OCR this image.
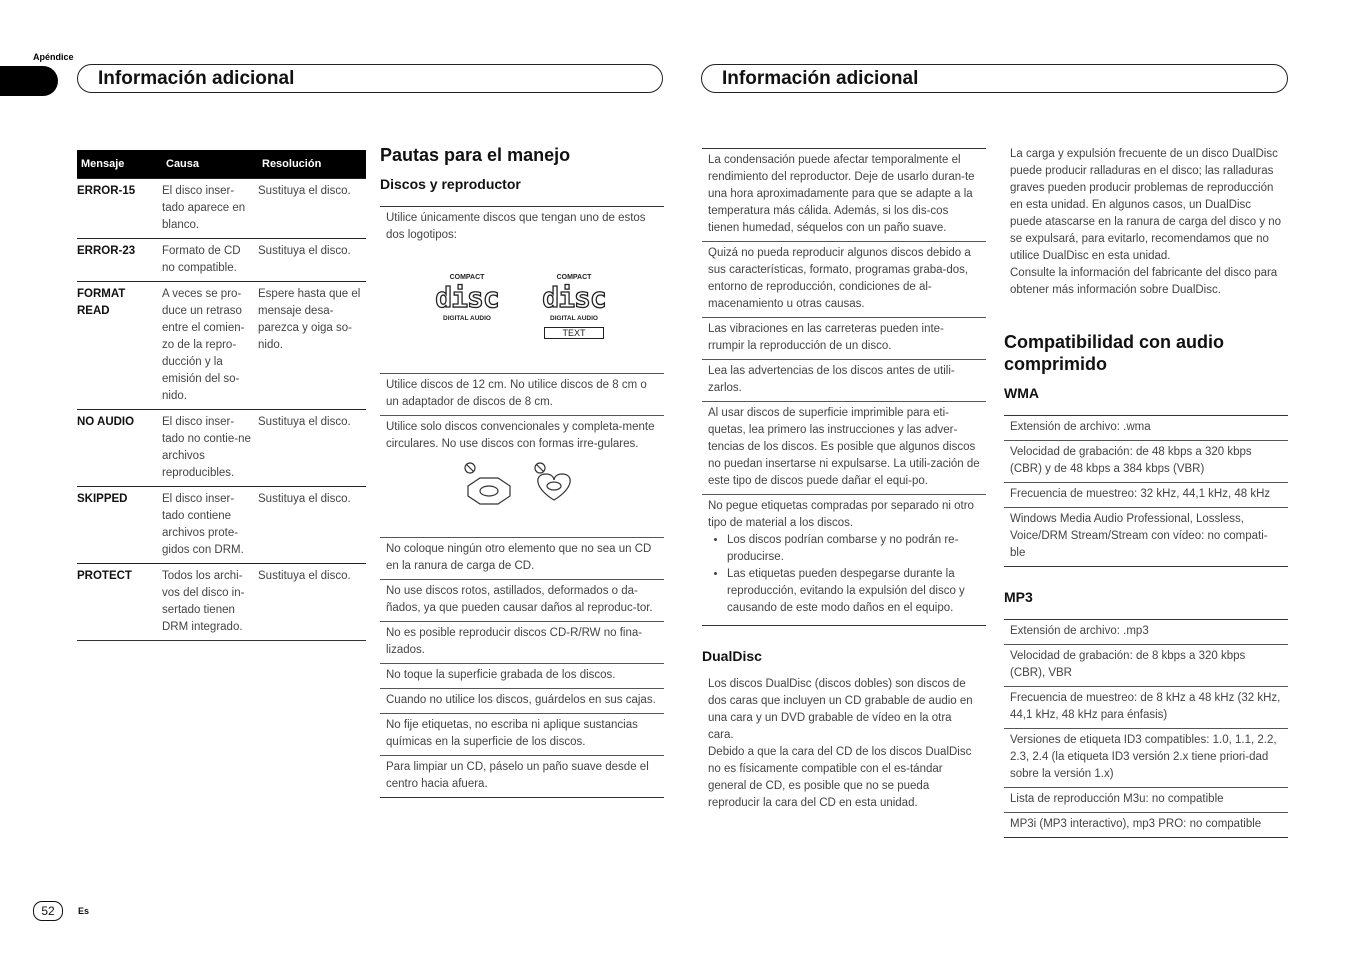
Apéndice
Información adicional	Información adicional
Mensaje	Causa	Resolución
ERROR-15	El disco inser-tado aparece en blanco.	Sustituya el disco.
ERROR-23	Formato de CD no compatible.	Sustituya el disco.
FORMAT READ	A veces se pro-duce un retraso entre el comien-zo de la repro-ducción y la emisión del so-nido.	Espere hasta que el mensaje desa-parezca y oiga so-nido.
NO AUDIO	El disco inser-tado no contie-ne archivos reproducibles.	Sustituya el disco.
SKIPPED	El disco inser-tado contiene archivos prote-gidos con DRM.	Sustituya el disco.
PROTECT	Todos los archi-vos del disco in-sertado tienen DRM integrado.	Sustituya el disco.
Pautas para el manejo
Discos y reproductor
Utilice únicamente discos que tengan uno de estos dos logotipos:
COMPACT
disc
DIGITAL AUDIO
COMPACT
disc
DIGITAL AUDIO
TEXT
Utilice discos de 12 cm. No utilice discos de 8 cm o un adaptador de discos de 8 cm.
Utilice solo discos convencionales y completa-mente circulares. No use discos con formas irre-gulares.
No coloque ningún otro elemento que no sea un CD en la ranura de carga de CD.
No use discos rotos, astillados, deformados o da-ñados, ya que pueden causar daños al reproduc-tor.
No es posible reproducir discos CD-R/RW no fina-lizados.
No toque la superficie grabada de los discos.
Cuando no utilice los discos, guárdelos en sus cajas.
No fije etiquetas, no escriba ni aplique sustancias químicas en la superficie de los discos.
Para limpiar un CD, páselo un paño suave desde el centro hacia afuera.
La condensación puede afectar temporalmente el rendimiento del reproductor. Deje de usarlo duran-te una hora aproximadamente para que se adapte a la temperatura más cálida. Además, si los dis-cos tienen humedad, séquelos con un paño suave.
Quizá no pueda reproducir algunos discos debido a sus características, formato, programas graba-dos, entorno de reproducción, condiciones de al-macenamiento u otras causas.
Las vibraciones en las carreteras pueden inte-rrumpir la reproducción de un disco.
Lea las advertencias de los discos antes de utili-zarlos.
Al usar discos de superficie imprimible para eti-quetas, lea primero las instrucciones y las adver-tencias de los discos. Es posible que algunos discos no puedan insertarse ni expulsarse. La utili-zación de este tipo de discos puede dañar el equi-po.
No pegue etiquetas compradas por separado ni otro tipo de material a los discos.
• Los discos podrían combarse y no podrán re-producirse.
• Las etiquetas pueden despegarse durante la reproducción, evitando la expulsión del disco y causando de este modo daños en el equipo.
DualDisc
Los discos DualDisc (discos dobles) son discos de dos caras que incluyen un CD grabable de audio en una cara y un DVD grabable de vídeo en la otra cara.
Debido a que la cara del CD de los discos DualDisc no es físicamente compatible con el es-tándar general de CD, es posible que no se pueda reproducir la cara del CD en esta unidad.
La carga y expulsión frecuente de un disco DualDisc puede producir ralladuras en el disco; las ralladuras graves pueden producir problemas de reproducción en esta unidad. En algunos casos, un DualDisc puede atascarse en la ranura de carga del disco y no se expulsará, para evitarlo, recomendamos que no utilice DualDisc en esta unidad.
Consulte la información del fabricante del disco para obtener más información sobre DualDisc.
Compatibilidad con audio comprimido
WMA
Extensión de archivo: .wma
Velocidad de grabación: de 48 kbps a 320 kbps (CBR) y de 48 kbps a 384 kbps (VBR)
Frecuencia de muestreo: 32 kHz, 44,1 kHz, 48 kHz
Windows Media Audio Professional, Lossless, Voice/DRM Stream/Stream con vídeo: no compati-ble
MP3
Extensión de archivo: .mp3
Velocidad de grabación: de 8 kbps a 320 kbps (CBR), VBR
Frecuencia de muestreo: de 8 kHz a 48 kHz (32 kHz, 44,1 kHz, 48 kHz para énfasis)
Versiones de etiqueta ID3 compatibles: 1.0, 1.1, 2.2, 2.3, 2.4 (la etiqueta ID3 versión 2.x tiene priori-dad sobre la versión 1.x)
Lista de reproducción M3u: no compatible
MP3i (MP3 interactivo), mp3 PRO: no compatible
52	Es
